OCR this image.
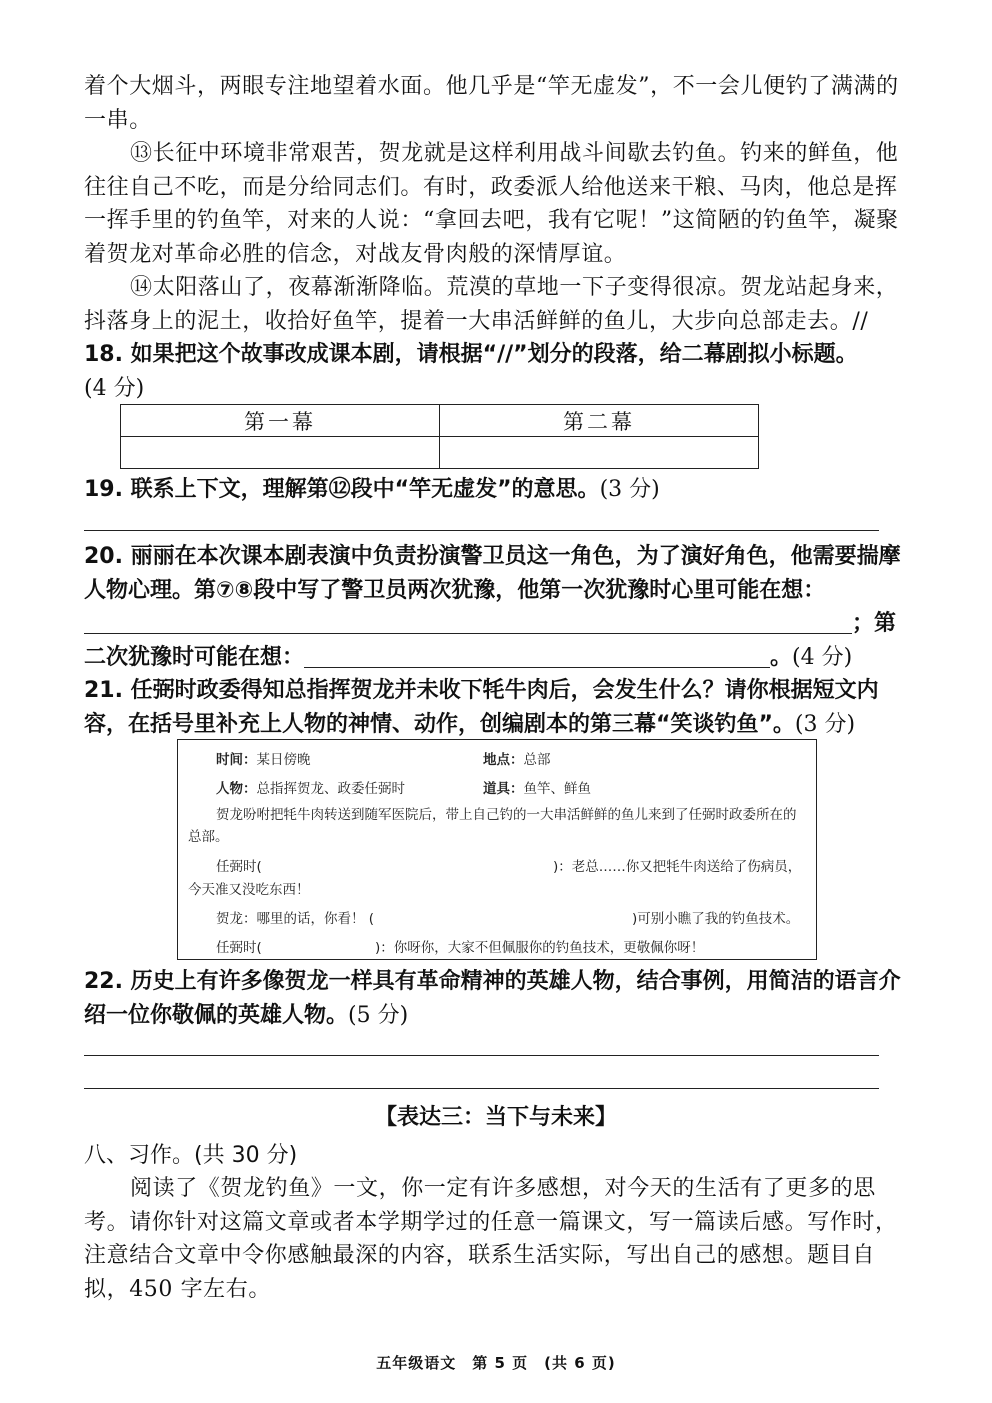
着个大烟斗，两眼专注地望着水面。他几乎是“竿无虚发”，不一会儿便钓了满满的一串。
⑬长征中环境非常艰苦，贺龙就是这样利用战斗间歇去钓鱼。钓来的鲜鱼，他往往自己不吃，而是分给同志们。有时，政委派人给他送来干粮、马肉，他总是挥一挥手里的钓鱼竿，对来的人说：“拿回去吧，我有它呢！”这简陋的钓鱼竿，凝聚着贺龙对革命必胜的信念，对战友骨肉般的深情厚谊。
⑭太阳落山了，夜幕渐渐降临。荒漠的草地一下子变得很凉。贺龙站起身来，抖落身上的泥土，收拾好鱼竿，提着一大串活鲜鲜的鱼儿，大步向总部走去。//
18. 如果把这个故事改成课本剧，请根据“//”划分的段落，给二幕剧拟小标题。
(4 分)
第一幕	第二幕

19. 联系上下文，理解第⑫段中“竿无虚发”的意思。(3 分)
20. 丽丽在本次课本剧表演中负责扮演警卫员这一角色，为了演好角色，他需要揣摩人物心理。第⑦⑧段中写了警卫员两次犹豫，他第一次犹豫时心里可能在想：；第二次犹豫时可能在想：	。(4 分)
21. 任弼时政委得知总指挥贺龙并未收下牦牛肉后，会发生什么？请你根据短文内容，在括号里补充上人物的神情、动作，创编剧本的第三幕“笑谈钓鱼”。(3 分)
时间：某日傍晚	地点：总部
人物：总指挥贺龙、政委任弼时	道具：鱼竿、鲜鱼
贺龙吩咐把牦牛肉转送到随军医院后，带上自己钓的一大串活鲜鲜的鱼儿来到了任弼时政委所在的总部。
任弼时(	)：老总……你又把牦牛肉送给了伤病员，
今天准又没吃东西！
贺龙：哪里的话，你看！ (	)可别小瞧了我的钓鱼技术。
任弼时(	)：你呀你，大家不但佩服你的钓鱼技术，更敬佩你呀！
22. 历史上有许多像贺龙一样具有革命精神的英雄人物，结合事例，用简洁的语言介绍一位你敬佩的英雄人物。(5 分)
【表达三：当下与未来】
八、习作。(共 30 分)
阅读了《贺龙钓鱼》一文，你一定有许多感想，对今天的生活有了更多的思考。请你针对这篇文章或者本学期学过的任意一篇课文，写一篇读后感。写作时，注意结合文章中令你感触最深的内容，联系生活实际，写出自己的感想。题目自拟，450 字左右。
五年级语文　第 5 页　(共 6 页)
